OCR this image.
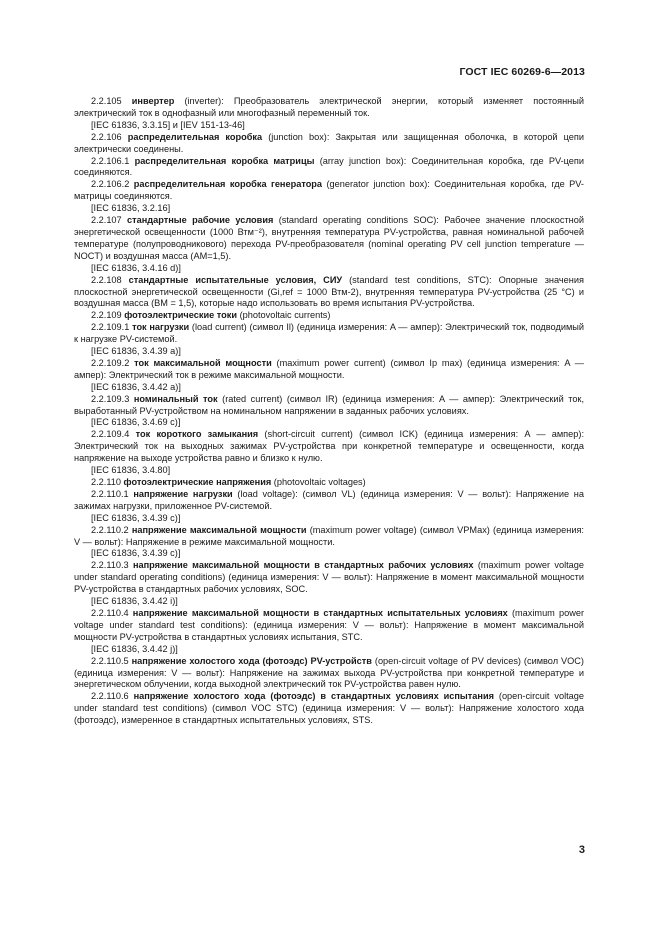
ГОСТ IEC 60269-6—2013

2.2.105 инвертер (inverter): Преобразователь электрической энергии, который изменяет постоянный электрический ток в однофазный или многофазный переменный ток.

[IEC 61836, 3.3.15] и [IEV 151-13-46]

2.2.106 распределительная коробка (junction box): Закрытая или защищенная оболочка, в которой цепи электрически соединены.

2.2.106.1 распределительная коробка матрицы (array junction box): Соединительная коробка, где PV-цепи соединяются.

2.2.106.2 распределительная коробка генератора (generator junction box): Соединительная коробка, где PV-матрицы соединяются.

[IEC 61836, 3.2.16]

2.2.107 стандартные рабочие условия (standard operating conditions SOC): Рабочее значение плоскостной энергетической освещенности (1000 Втм⁻²), внутренняя температура PV-устройства, равная номинальной рабочей температуре (полупроводникового) перехода PV-преобразователя (nominal operating PV cell junction temperature — NOCT) и воздушная масса (AM=1,5).

[IEC 61836, 3.4.16 d)]

2.2.108 стандартные испытательные условия, СИУ (standard test conditions, STC): Опорные значения плоскостной энергетической освещенности (Gi,ref = 1000 Втм-2), внутренняя температура PV-устройства (25 °С) и воздушная масса (BM = 1,5), которые надо использовать во время испытания PV-устройства.

2.2.109 фотоэлектрические токи (photovoltaic currents)

2.2.109.1 ток нагрузки (load current) (символ Il) (единица измерения: A — ампер): Электрический ток, подводимый к нагрузке PV-системой.

[IEC 61836, 3.4.39 a)]

2.2.109.2 ток максимальной мощности (maximum power current) (символ Ip max) (единица измерения: A — ампер): Электрический ток в режиме максимальной мощности.

[IEC 61836, 3.4.42 a)]

2.2.109.3 номинальный ток (rated current) (символ IR) (единица измерения: A — ампер): Электрический ток, выработанный PV-устройством на номинальном напряжении в заданных рабочих условиях.

[IEC 61836, 3.4.69 c)]

2.2.109.4 ток короткого замыкания (short-circuit current) (символ ICK) (единица измерения: A — ампер): Электрический ток на выходных зажимах PV-устройства при конкретной температуре и освещенности, когда напряжение на выходе устройства равно и близко к нулю.

[IEC 61836, 3.4.80]

2.2.110 фотоэлектрические напряжения (photovoltaic voltages)

2.2.110.1 напряжение нагрузки (load voltage): (символ VL) (единица измерения: V — вольт): Напряжение на зажимах нагрузки, приложенное PV-системой.

[IEC 61836, 3.4.39 c)]

2.2.110.2 напряжение максимальной мощности (maximum power voltage) (символ VPMax) (единица измерения: V — вольт): Напряжение в режиме максимальной мощности.

[IEC 61836, 3.4.39 c)]

2.2.110.3 напряжение максимальной мощности в стандартных рабочих условиях (maximum power voltage under standard operating conditions) (единица измерения: V — вольт): Напряжение в момент максимальной мощности PV-устройства в стандартных рабочих условиях, SOC.

[IEC 61836, 3.4.42 i)]

2.2.110.4 напряжение максимальной мощности в стандартных испытательных условиях (maximum power voltage under standard test conditions): (единица измерения: V — вольт): Напряжение в момент максимальной мощности PV-устройства в стандартных условиях испытания, STC.

[IEC 61836, 3.4.42 j)]

2.2.110.5 напряжение холостого хода (фотоэдс) PV-устройств (open-circuit voltage of PV devices) (символ VOC) (единица измерения: V — вольт): Напряжение на зажимах выхода PV-устройства при конкретной температуре и энергетическом облучении, когда выходной электрический ток PV-устройства равен нулю.

2.2.110.6 напряжение холостого хода (фотоэдс) в стандартных условиях испытания (open-circuit voltage under standard test conditions) (символ VOC STC) (единица измерения: V — вольт): Напряжение холостого хода (фотоэдс), измеренное в стандартных испытательных условиях, STS.

3
